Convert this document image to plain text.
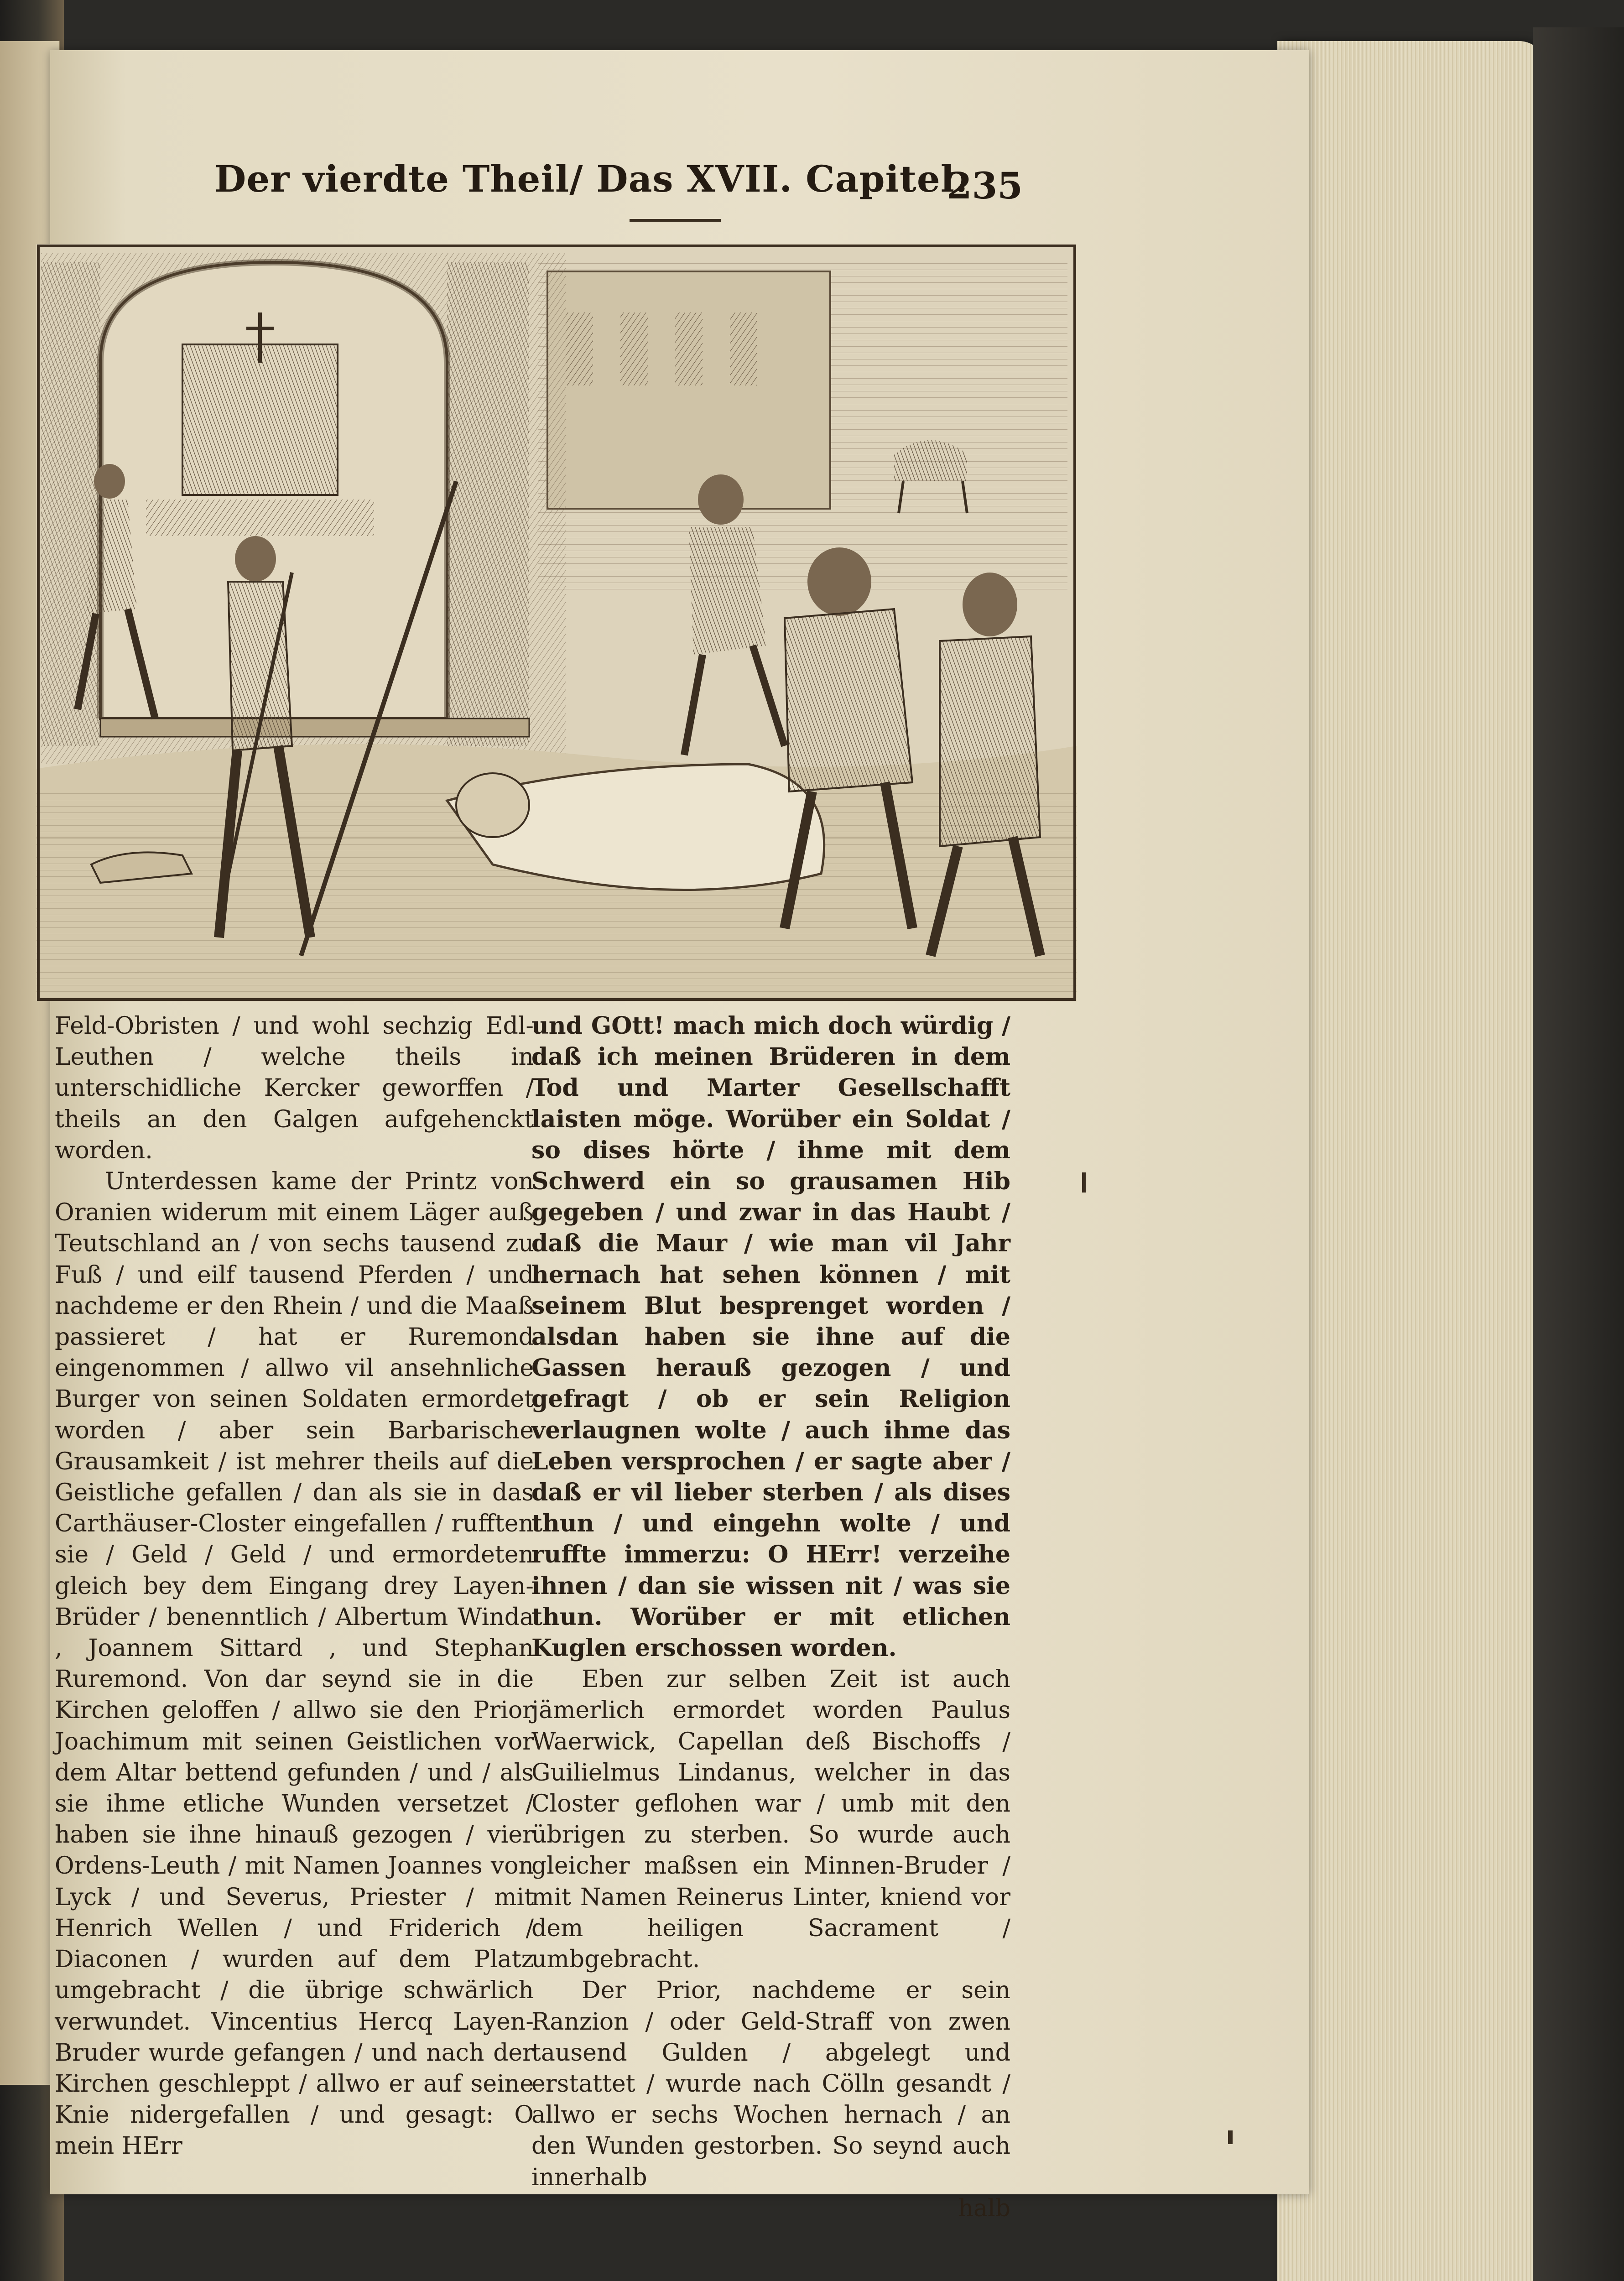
Der vierdte Theil/ Das XVII. Capitel.
235

Feld-Obristen / und wohl sechzig Edl-Leuthen / welche theils in unterschidliche Kercker geworffen / theils an den Galgen aufgehenckt worden.

Unterdessen kame der Printz von Oranien widerum mit einem Läger auß Teutschland an / von sechs tausend zu Fuß / und eilf tausend Pferden / und nachdeme er den Rhein / und die Maaß passieret / hat er Ruremond eingenommen / allwo vil ansehnliche Burger von seinen Soldaten ermordet worden / aber sein Barbarische Grausamkeit / ist mehrer theils auf die Geistliche gefallen / dan als sie in das Carthäuser-Closter eingefallen / rufften sie / Geld / Geld / und ermordeten gleich bey dem Eingang drey Layen-Brüder / benenntlich / Albertum Winda , Joannem Sittard , und Stephan Ruremond. Von dar seynd sie in die Kirchen geloffen / allwo sie den Prior Joachimum mit seinen Geistlichen vor dem Altar bettend gefunden / und / als sie ihme etliche Wunden versetzet / haben sie ihne hinauß gezogen / vier Ordens-Leuth / mit Namen Joannes von Lyck / und Severus, Priester / mit Henrich Wellen / und Friderich / Diaconen / wurden auf dem Platz umgebracht / die übrige schwärlich verwundet. Vincentius Hercq Layen-Bruder wurde gefangen / und nach der Kirchen geschleppt / allwo er auf seine Knie nidergefallen / und gesagt: O mein HErr

und GOtt! mach mich doch würdig / daß ich meinen Brüderen in dem Tod und Marter Gesellschafft laisten möge. Worüber ein Soldat / so dises hörte / ihme mit dem Schwerd ein so grausamen Hib gegeben / und zwar in das Haubt / daß die Maur / wie man vil Jahr hernach hat sehen können / mit seinem Blut besprenget worden / alsdan haben sie ihne auf die Gassen herauß gezogen / und gefragt / ob er sein Religion verlaugnen wolte / auch ihme das Leben versprochen / er sagte aber / daß er vil lieber sterben / als dises thun / und eingehn wolte / und ruffte immerzu: O HErr! verzeihe ihnen / dan sie wissen nit / was sie thun. Worüber er mit etlichen Kuglen erschossen worden.

Eben zur selben Zeit ist auch jämerlich ermordet worden Paulus Waerwick, Capellan deß Bischoffs / Guilielmus Lindanus, welcher in das Closter geflohen war / umb mit den übrigen zu sterben. So wurde auch gleicher maßsen ein Minnen-Bruder / mit Namen Reinerus Linter, kniend vor dem heiligen Sacrament / umbgebracht.

Der Prior, nachdeme er sein Ranzion / oder Geld-Straff von zwen tausend Gulden / abgelegt und erstattet / wurde nach Cölln gesandt / allwo er sechs Wochen hernach / an den Wunden gestorben. So seynd auch innerhalb

halb
